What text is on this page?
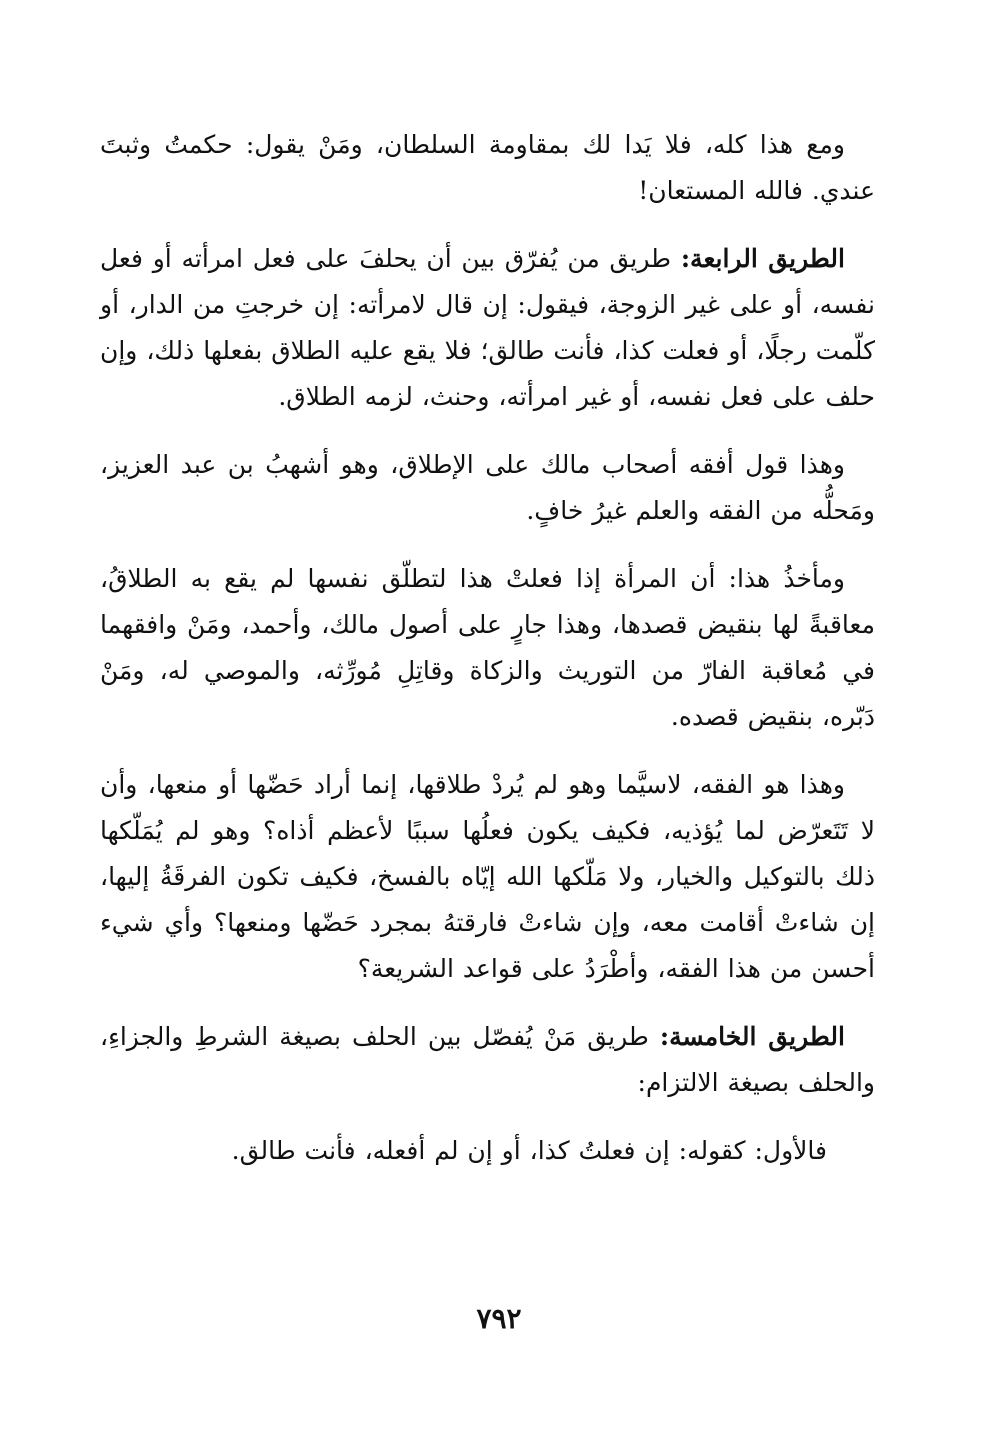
ومع هذا كله، فلا يَدا لك بمقاومة السلطان، ومَنْ يقول: حكمتُ وثبتَ عندي. فالله المستعان!

الطريق الرابعة: طريق من يُفرّق بين أن يحلفَ على فعل امرأته أو فعل نفسه، أو على غير الزوجة، فيقول: إن قال لامرأته: إن خرجتِ من الدار، أو كلّمت رجلًا، أو فعلت كذا، فأنت طالق؛ فلا يقع عليه الطلاق بفعلها ذلك، وإن حلف على فعل نفسه، أو غير امرأته، وحنث، لزمه الطلاق.

وهذا قول أفقه أصحاب مالك على الإطلاق، وهو أشهبُ بن عبد العزيز، ومَحلُّه من الفقه والعلم غيرُ خافٍ.

ومأخذُ هذا: أن المرأة إذا فعلتْ هذا لتطلّق نفسها لم يقع به الطلاقُ، معاقبةً لها بنقيض قصدها، وهذا جارٍ على أصول مالك، وأحمد، ومَنْ وافقهما في مُعاقبة الفارّ من التوريث والزكاة وقاتِلِ مُورِّثه، والموصي له، ومَنْ دَبّره، بنقيض قصده.

وهذا هو الفقه، لاسيَّما وهو لم يُردْ طلاقها، إنما أراد حَضّها أو منعها، وأن لا تَتَعرّض لما يُؤذيه، فكيف يكون فعلُها سببًا لأعظم أذاه؟ وهو لم يُمَلّكها ذلك بالتوكيل والخيار، ولا مَلّكها الله إيّاه بالفسخ، فكيف تكون الفرقَةُ إليها، إن شاءتْ أقامت معه، وإن شاءتْ فارقتهُ بمجرد حَضّها ومنعها؟ وأي شيء أحسن من هذا الفقه، وأطْرَدُ على قواعد الشريعة؟

الطريق الخامسة: طريق مَنْ يُفصّل بين الحلف بصيغة الشرطِ والجزاءِ، والحلف بصيغة الالتزام:

فالأول: كقوله: إن فعلتُ كذا، أو إن لم أفعله، فأنت طالق.

٧٩٢
